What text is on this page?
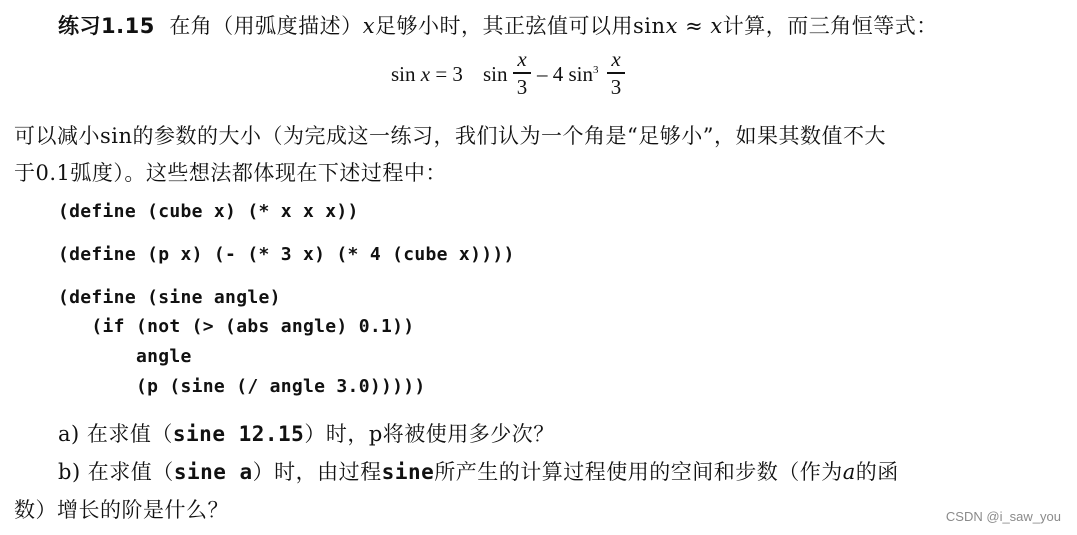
练习1.15 在角（用弧度描述）x足够小时，其正弦值可以用sinx ≈ x计算，而三角恒等式：
sin x = 3 sin
x
3
– 4 $\sin^3 x$
3
可以减小sin的参数的大小（为完成这一练习，我们认为一个角是“足够小”，如果其数值不大
于0.1弧度）。这些想法都体现在下述过程中：
(define (cube x) (* x x x))
(define (p x) (- (* 3 x) (* 4 (cube x))))
(define (sine angle)
(if (not (> (abs angle) 0.1))
angle
(p (sine (/ angle 3.0)))))
a) 在求值（sine 12.15）时，p将被使用多少次？
b) 在求值（sine a）时，由过程sine所产生的计算过程使用的空间和步数（作为a的函
数）增长的阶是什么？	CSDN @i_saw_you
